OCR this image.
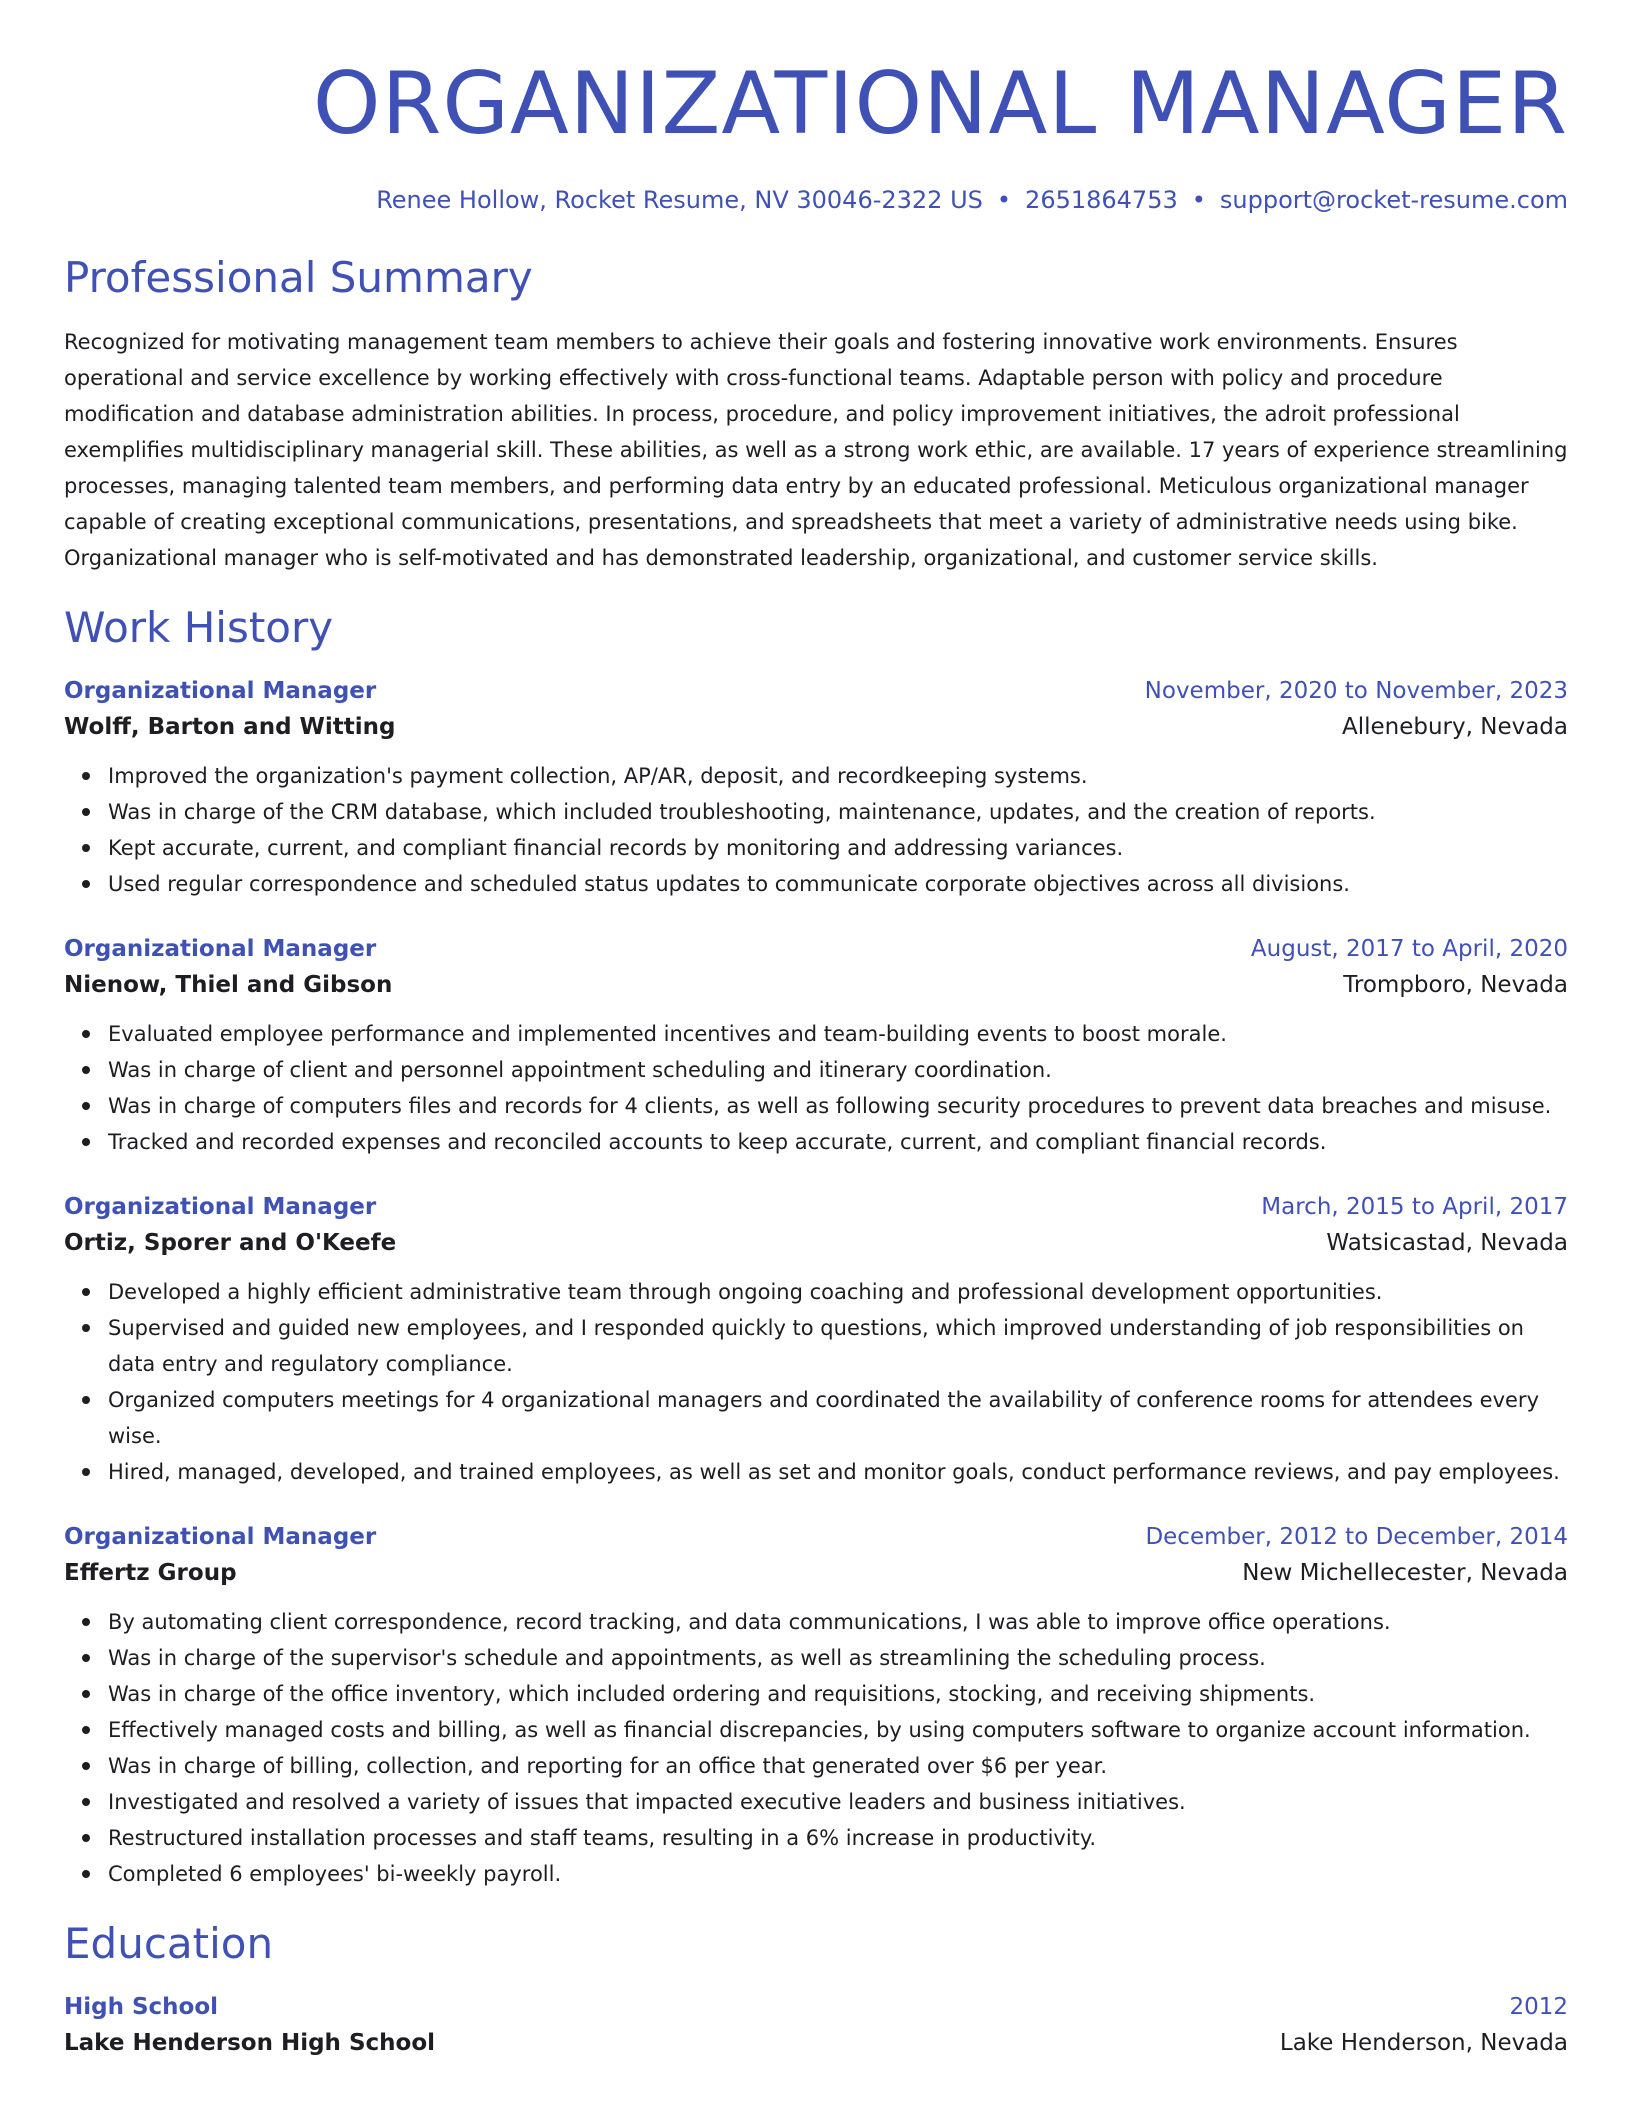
ORGANIZATIONAL MANAGER
Renee Hollow, Rocket Resume, NV 30046-2322 US • 2651864753 • support@rocket-resume.com
Professional Summary

Recognized for motivating management team members to achieve their goals and fostering innovative work environments. Ensures operational and service excellence by working effectively with cross-functional teams. Adaptable person with policy and procedure modification and database administration abilities. In process, procedure, and policy improvement initiatives, the adroit professional exemplifies multidisciplinary managerial skill. These abilities, as well as a strong work ethic, are available. 17 years of experience streamlining processes, managing talented team members, and performing data entry by an educated professional. Meticulous organizational manager capable of creating exceptional communications, presentations, and spreadsheets that meet a variety of administrative needs using bike. Organizational manager who is self-motivated and has demonstrated leadership, organizational, and customer service skills.

Work History
Organizational Manager	November, 2020 to November, 2023
Wolff, Barton and Witting	Allenebury, Nevada
Improved the organization's payment collection, AP/AR, deposit, and recordkeeping systems.
Was in charge of the CRM database, which included troubleshooting, maintenance, updates, and the creation of reports.
Kept accurate, current, and compliant financial records by monitoring and addressing variances.
Used regular correspondence and scheduled status updates to communicate corporate objectives across all divisions.
Organizational Manager	August, 2017 to April, 2020
Nienow, Thiel and Gibson	Trompboro, Nevada
Evaluated employee performance and implemented incentives and team-building events to boost morale.
Was in charge of client and personnel appointment scheduling and itinerary coordination.
Was in charge of computers files and records for 4 clients, as well as following security procedures to prevent data breaches and misuse.
Tracked and recorded expenses and reconciled accounts to keep accurate, current, and compliant financial records.
Organizational Manager	March, 2015 to April, 2017
Ortiz, Sporer and O'Keefe	Watsicastad, Nevada
Developed a highly efficient administrative team through ongoing coaching and professional development opportunities.
Supervised and guided new employees, and I responded quickly to questions, which improved understanding of job responsibilities on data entry and regulatory compliance.
Organized computers meetings for 4 organizational managers and coordinated the availability of conference rooms for attendees every wise.
Hired, managed, developed, and trained employees, as well as set and monitor goals, conduct performance reviews, and pay employees.
Organizational Manager	December, 2012 to December, 2014
Effertz Group	New Michellecester, Nevada
By automating client correspondence, record tracking, and data communications, I was able to improve office operations.
Was in charge of the supervisor's schedule and appointments, as well as streamlining the scheduling process.
Was in charge of the office inventory, which included ordering and requisitions, stocking, and receiving shipments.
Effectively managed costs and billing, as well as financial discrepancies, by using computers software to organize account information.
Was in charge of billing, collection, and reporting for an office that generated over $6 per year.
Investigated and resolved a variety of issues that impacted executive leaders and business initiatives.
Restructured installation processes and staff teams, resulting in a 6% increase in productivity.
Completed 6 employees' bi-weekly payroll.
Education
High School	2012
Lake Henderson High School	Lake Henderson, Nevada
